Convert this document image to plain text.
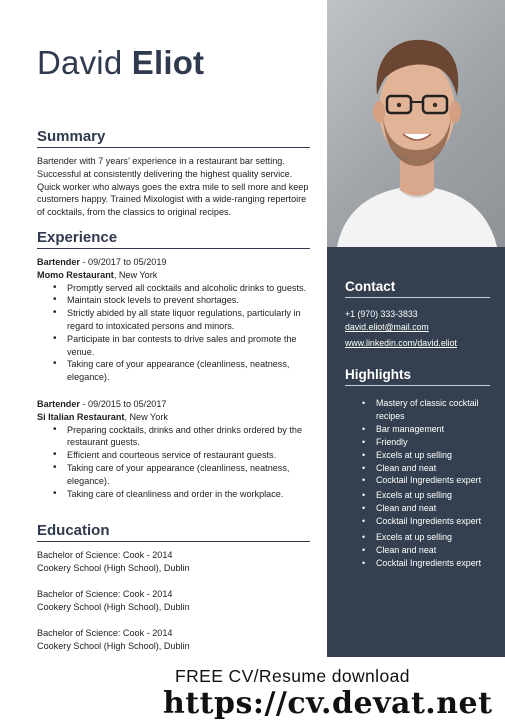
David Eliot
Summary
Bartender with 7 years’ experience in a restaurant bar setting. Successful at consistently delivering the highest quality service. Quick worker who always goes the extra mile to sell more and keep customers happy. Trained Mixologist with a wide-ranging repertoire of cocktails, from the classics to original recipes.
Experience
Bartender - 09/2017 to 05/2019
Momo Restaurant, New York
• Promptly served all cocktails and alcoholic drinks to guests.
• Maintain stock levels to prevent shortages.
• Strictly abided by all state liquor regulations, particularly in regard to intoxicated persons and minors.
• Participate in bar contests to drive sales and promote the venue.
• Taking care of your appearance (cleanliness, neatness, elegance).
Bartender - 09/2015 to 05/2017
Si Italian Restaurant, New York
• Preparing cocktails, drinks and other drinks ordered by the restaurant guests.
• Efficient and courteous service of restaurant guests.
• Taking care of your appearance (cleanliness, neatness, elegance).
• Taking care of cleanliness and order in the workplace.
Education
Bachelor of Science: Cook - 2014
Cookery School (High School), Dublin
Bachelor of Science: Cook - 2014
Cookery School (High School), Dublin
Bachelor of Science: Cook - 2014
Cookery School (High School), Dublin
Contact
+1 (970) 333-3833
david.eliot@mail.com
www.linkedin.com/david.eliot
Highlights
• Mastery of classic cocktail recipes
• Bar management
• Friendly
• Excels at up selling
• Clean and neat
• Cocktail Ingredients expert
• Excels at up selling
• Clean and neat
• Cocktail Ingredients expert
• Excels at up selling
• Clean and neat
• Cocktail Ingredients expert
FREE CV/Resume download
https://cv.devat.net
